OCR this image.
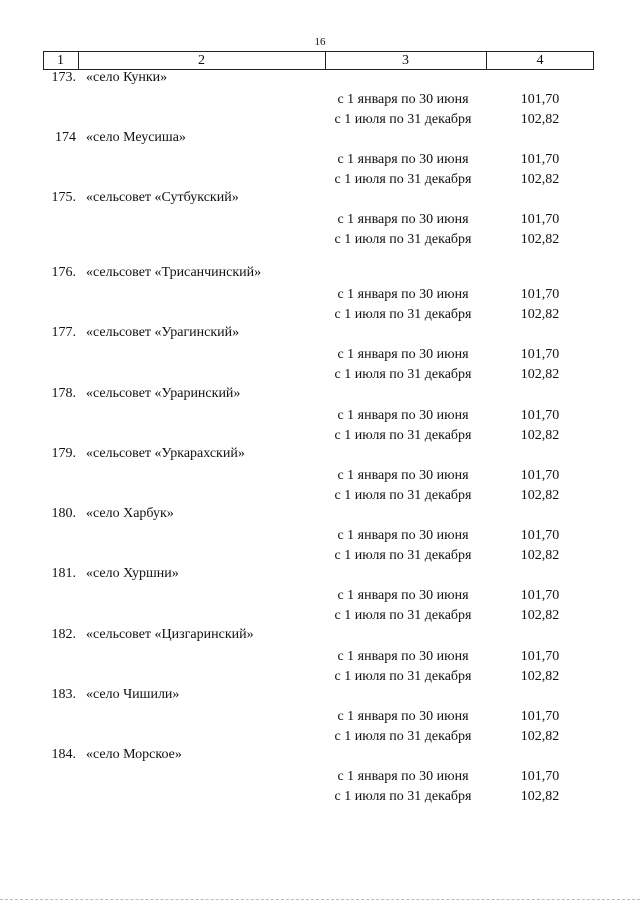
16
1	2	3	4
173. «село Кунки»
с 1 января по 30 июня	101,70
с 1 июля по 31 декабря	102,82
174 «село Меусиша»
с 1 января по 30 июня	101,70
с 1 июля по 31 декабря	102,82
175. «сельсовет «Сутбукский»
с 1 января по 30 июня	101,70
с 1 июля по 31 декабря	102,82
176. «сельсовет «Трисанчинский»
с 1 января по 30 июня	101,70
с 1 июля по 31 декабря	102,82
177. «сельсовет «Урагинский»
с 1 января по 30 июня	101,70
с 1 июля по 31 декабря	102,82
178. «сельсовет «Ураринский»
с 1 января по 30 июня	101,70
с 1 июля по 31 декабря	102,82
179. «сельсовет «Уркарахский»
с 1 января по 30 июня	101,70
с 1 июля по 31 декабря	102,82
180. «село Харбук»
с 1 января по 30 июня	101,70
с 1 июля по 31 декабря	102,82
181. «село Хуршни»
с 1 января по 30 июня	101,70
с 1 июля по 31 декабря	102,82
182. «сельсовет «Цизгаринский»
с 1 января по 30 июня	101,70
с 1 июля по 31 декабря	102,82
183. «село Чишили»
с 1 января по 30 июня	101,70
с 1 июля по 31 декабря	102,82
184. «село Морское»
с 1 января по 30 июня	101,70
с 1 июля по 31 декабря	102,82
